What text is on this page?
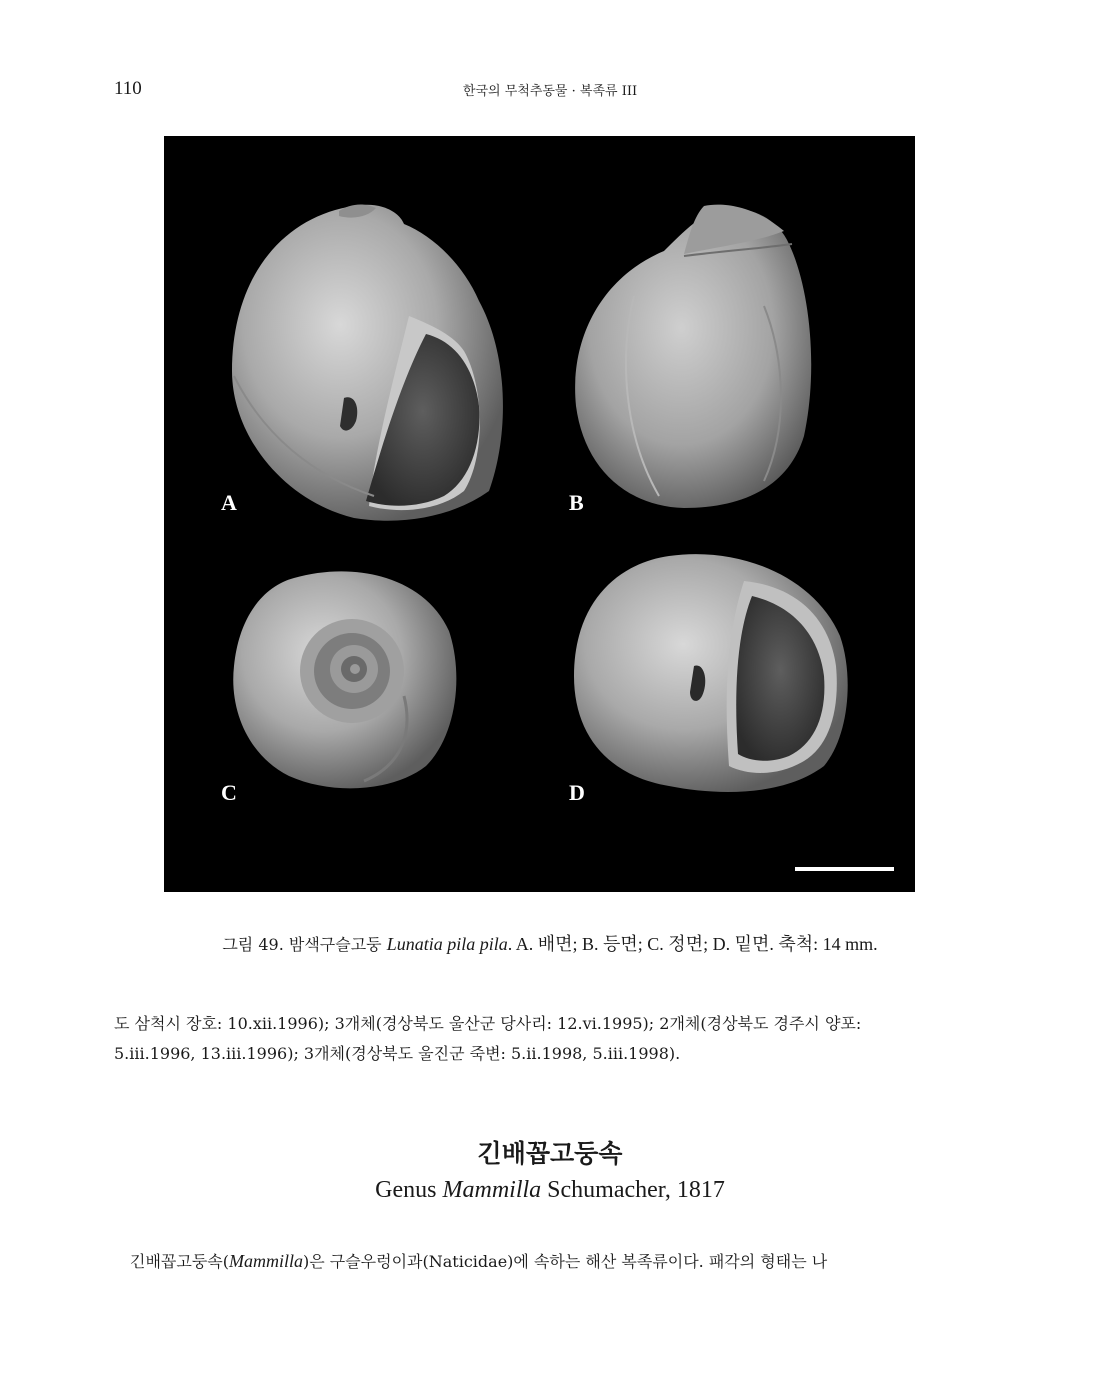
110	한국의 무척추동물 · 복족류 III
A	B
C	D
그림 49. 밤색구슬고둥 Lunatia pila pila. A. 배면; B. 등면; C. 정면; D. 밑면. 축척: 14 mm.
도 삼척시 장호: 10.xii.1996); 3개체(경상북도 울산군 당사리: 12.vi.1995); 2개체(경상북도 경주시 양포:
5.iii.1996, 13.iii.1996); 3개체(경상북도 울진군 죽변: 5.ii.1998, 5.iii.1998).
긴배꼽고둥속
Genus Mammilla Schumacher, 1817
긴배꼽고둥속(Mammilla)은 구슬우렁이과(Naticidae)에 속하는 해산 복족류이다. 패각의 형태는 나
